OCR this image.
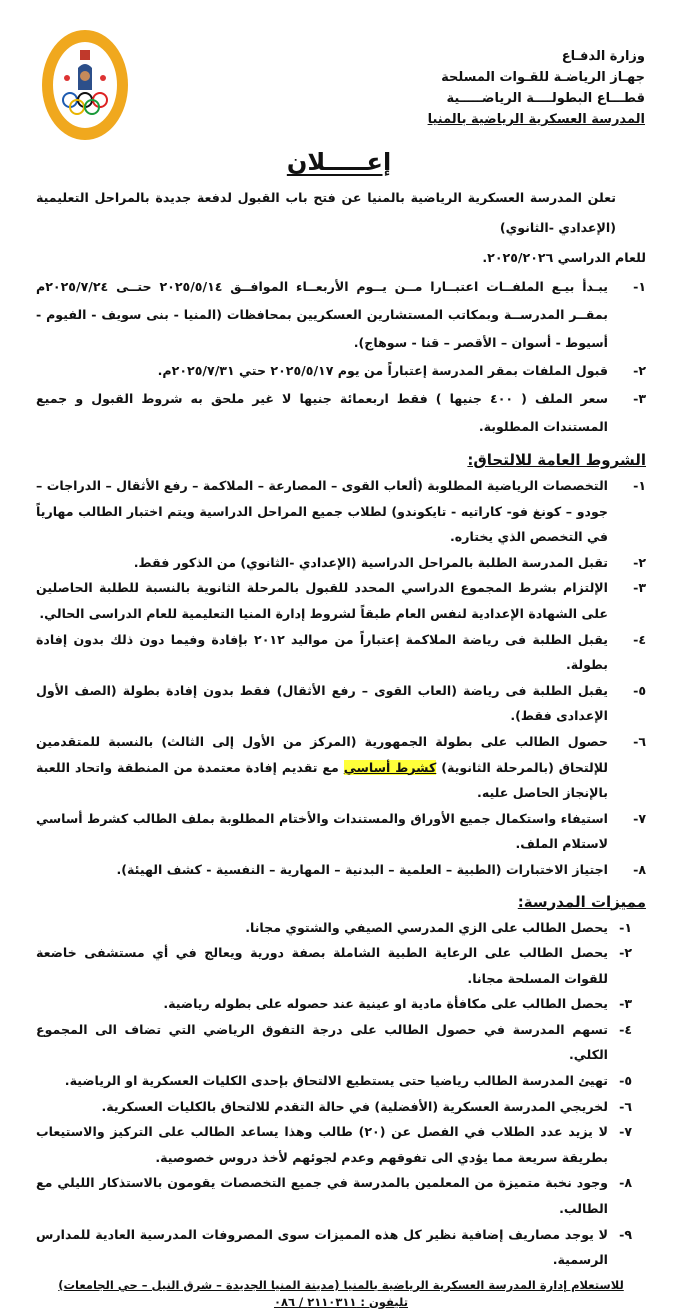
وزارة الدفـاع
جهـاز الرياضـة للقـوات المسلحة
قطـــاع البطولــــة الرياضـــــية
المدرسة العسكرية الرياضية بالمنيا
إعـــــلان
تعلن المدرسة العسكرية الرياضية بالمنيا عن فتح باب القبول لدفعة جديدة بالمراحل التعليمية (الإعدادي -الثانوي)
للعام الدراسي ٢٠٢٥/٢٠٢٦.
١-
يبـدأ بيـع الملفــات اعتبــارا مــن يــوم الأربعــاء الموافــق ٢٠٢٥/٥/١٤ حتــى ٢٠٢٥/٧/٢٤م بمقــر المدرســة وبمكاتب المستشارين العسكريين بمحافظات (المنيا - بنى سويف - الفيوم - أسيوط - أسوان – الأقصر – قنا - سوهاج).
٢-
قبول الملفات بمقر المدرسة إعتباراً من يوم ٢٠٢٥/٥/١٧ حتي ٢٠٢٥/٧/٣١م.
٣-
سعر الملف ( ٤٠٠ جنيها ) فقط اربعمائة جنيها لا غير ملحق به شروط القبول و جميع المستندات المطلوبة.
الشروط العامة للالتحاق:
١-
التخصصات الرياضية المطلوبة (ألعاب القوى – المصارعة – الملاكمة – رفع الأثقال – الدراجات – جودو – كونغ فو- كاراتيه - تايكوندو) لطلاب جميع المراحل الدراسية ويتم اختبار الطالب مهارياً في التخصص الذي يختاره.
٢-
تقبل المدرسة الطلبة بالمراحل الدراسية (الإعدادي -الثانوي) من الذكور فقط.
٣-
الإلتزام بشرط المجموع الدراسي المحدد للقبول بالمرحلة الثانوية بالنسبة للطلبة الحاصلين على الشهادة الإعدادية لنفس العام طبقاً لشروط إدارة المنيا التعليمية للعام الدراسى الحالي.
٤-
يقبل الطلبة فى رياضة الملاكمة إعتباراً من مواليد ٢٠١٢ بإفادة وفيما دون ذلك بدون إفادة بطولة.
٥-
يقبل الطلبة فى رياضة (العاب القوى – رفع الأثقال) فقط بدون إفادة بطولة (الصف الأول الإعدادى فقط).
٦-
حصول الطالب على بطولة الجمهورية (المركز من الأول إلى الثالث) بالنسبة للمتقدمين للإلتحاق (بالمرحلة الثانوية) كشرط أساسي مع تقديم إفادة معتمدة من المنطقة واتحاد اللعبة بالإنجاز الحاصل عليه.
٧-
استيفاء واستكمال جميع الأوراق والمستندات والأختام المطلوبة بملف الطالب كشرط أساسي لاستلام الملف.
٨-
اجتياز الاختبارات (الطبية – العلمية – البدنية – المهارية – النفسية - كشف الهيئة).
مميزات المدرسة:
١-
يحصل الطالب على الزي المدرسي الصيفي والشتوي مجانا.
٢-
يحصل الطالب على الرعاية الطبية الشاملة بصفة دورية ويعالج في أي مستشفى خاضعة للقوات المسلحة مجانا.
٣-
يحصل الطالب على مكافأة مادية او عينية عند حصوله على بطوله رياضية.
٤-
تسهم المدرسة في حصول الطالب على درجة التفوق الرياضي التي تضاف الى المجموع الكلي.
٥-
تهيئ المدرسة الطالب رياضيا حتى يستطيع الالتحاق بإحدى الكليات العسكرية او الرياضية.
٦-
لخريجي المدرسة العسكرية (الأفضلية) في حالة التقدم للالتحاق بالكليات العسكرية.
٧-
لا يزيد عدد الطلاب في الفصل عن (٢٠) طالب وهذا يساعد الطالب على التركيز والاستيعاب بطريقة سريعة مما يؤدي الى تفوقهم وعدم لجوئهم لأخذ دروس خصوصية.
٨-
وجود نخبة متميزة من المعلمين بالمدرسة في جميع التخصصات يقومون بالاستذكار الليلي مع الطالب.
٩-
لا يوجد مصاريف إضافية نظير كل هذه المميزات سوى المصروفات المدرسية العادية للمدارس الرسمية.
للاستعلام إدارة المدرسة العسكرية الرياضية بالمنيا (مدينة المنيا الجديدة – شرق النيل – حي الجامعات)
تليفون : ٢١١٠٣١١ / ٠٨٦
